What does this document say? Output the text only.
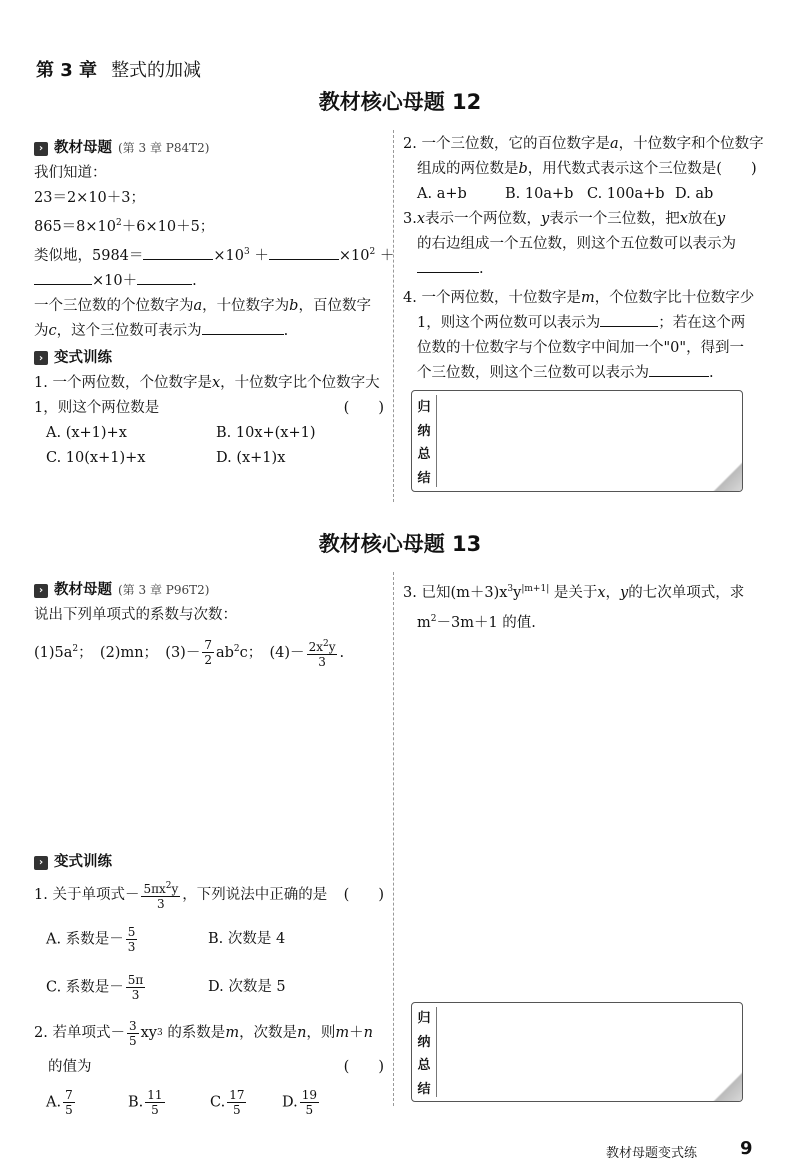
第 3 章 整式的加减
教材核心母题 12
› 教材母题 (第 3 章 P84T2)
我们知道：
23＝2×10＋3；
$865=8\times 10^2+6\times 10+5$；
类似地，5984＝	$\times 10^3$ ＋	$\times 10^2$ ＋
×10＋	.
一个三位数的个位数字为a，十位数字为b，百位数字
为c，这个三位数可表示为	.
› 变式训练
1. 一个两位数，个位数字是x，十位数字比个位数字大
1，则这个两位数是	(　　)
A. (x+1)+x	B. 10x+(x+1)
C. 10(x+1)+x	D. (x+1)x
2. 一个三位数，它的百位数字是a，十位数字和个位数字
组成的两位数是b，用代数式表示这个三位数是(　　)
A. a+b	B. 10a+b C. 100a+b D. ab
3.x表示一个两位数，y表示一个三位数，把x放在y
的右边组成一个五位数，则这个五位数可以表示为
.
4. 一个两位数，十位数字是m，个位数字比十位数字少
1，则这个两位数可以表示为	；若在这个两
位数的十位数字与个位数字中间加一个"0"，得到一
个三位数，则这个三位数可以表示为	.
归
纳
总
结
教材核心母题 13
› 教材母题 (第 3 章 P96T2)
说出下列单项式的系数与次数：
$(1)5a^2$；　(2)mn；　$(3)- \frac{7}{2} ab^2c$；　$(4)- \frac{2x^2y}{3}$ .
› 变式训练
1. 关于单项式－ $\frac{5\pi x^2y}{3}$ ，下列说法中正确的是 (　　)
A. 系数是－ $\frac{5}{3}$	B. 次数是 4
C. 系数是－ $\frac{5\pi}{3}$	D. 次数是 5
2. 若单项式－ $\frac{3}{5}$ xy 3
的系数是 m ，次数是 n ，则 m ＋ n
的值为	(　　)
A. $\frac{7}{5}$	B. $\frac{11}{5}$	C. $\frac{17}{5} D$. $\frac{19}{5}$
3. 已知$(m+3)x^3y^{|m+1|}$ 是关于x，y的七次单项式，求
$m^2-3m+1$ 的值.
归
纳
总
结
教材母题变式练 9
